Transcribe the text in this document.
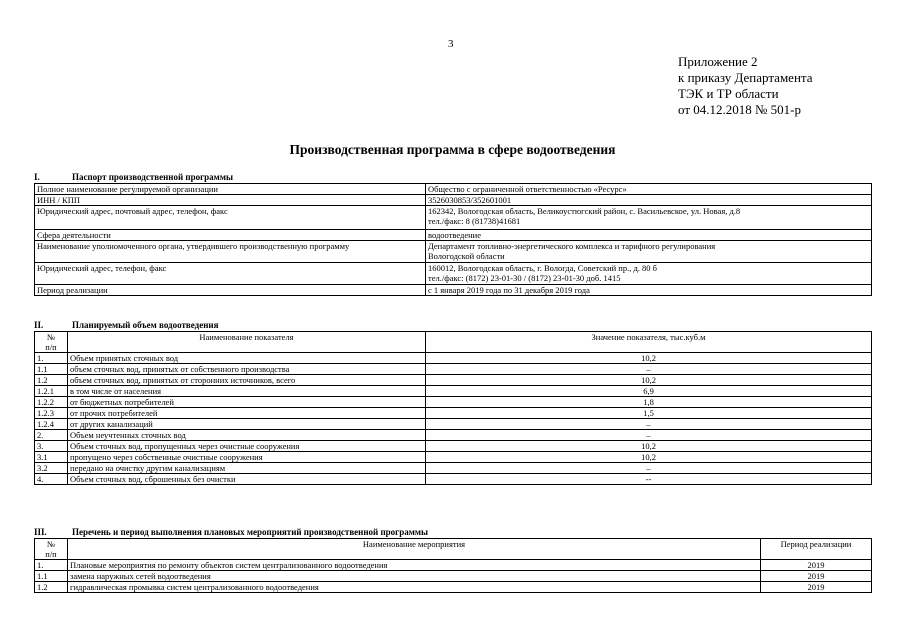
3
Приложение 2
к приказу Департамента
ТЭК и ТР области
от 04.12.2018 № 501-р
Производственная программа в сфере водоотведения
I.	Паспорт производственной программы
Полное наименование регулируемой организации	Общество с ограниченной ответственностью «Ресурс»

ИНН / КПП	3526030853/352601001

Юридический адрес, почтовый адрес, телефон, факс	162342, Вологодская область, Великоустюгский район, с. Васильевское, ул. Новая, д.8
тел./факс: 8 (81738)41681

Сфера деятельности	водоотведение

Наименование уполномоченного органа, утвердившего производственную программу	Департамент топливно-энергетического комплекса и тарифного регулирования
Вологодской области

Юридический адрес, телефон, факс	160012, Вологодская область, г. Вологда, Советский пр., д. 80 б
тел./факс: (8172) 23-01-30 / (8172) 23-01-30 доб. 1415

Период реализации	с 1 января 2019 года по 31 декабря 2019 года
II.	Планируемый объем водоотведения
№
п/п	Наименование показателя	Значение показателя, тыс.куб.м
1.	Объем принятых сточных вод	10,2
1.1	объем сточных вод, принятых от собственного производства	–
1.2	объем сточных вод, принятых от сторонних источников, всего	10,2
1.2.1	в том числе от населения	6,9
1.2.2	от бюджетных потребителей	1,8
1.2.3	от прочих потребителей	1,5
1.2.4	от других канализаций	–
2.	Объем неучтенных сточных вод	–
3.	Объем сточных вод, пропущенных через очистные сооружения	10,2
3.1	пропущено через собственные очистные сооружения	10,2
3.2	передано на очистку другим канализациям	–
4.	Объем сточных вод, сброшенных без очистки	--
III.	Перечень и период выполнения плановых мероприятий производственной программы
№
п/п	Наименование мероприятия	Период реализации
1.	Плановые мероприятия по ремонту объектов систем централизованного водоотведения	2019
1.1	замена наружных сетей водоотведения	2019
1.2	гидравлическая промывка систем централизованного водоотведения	2019
